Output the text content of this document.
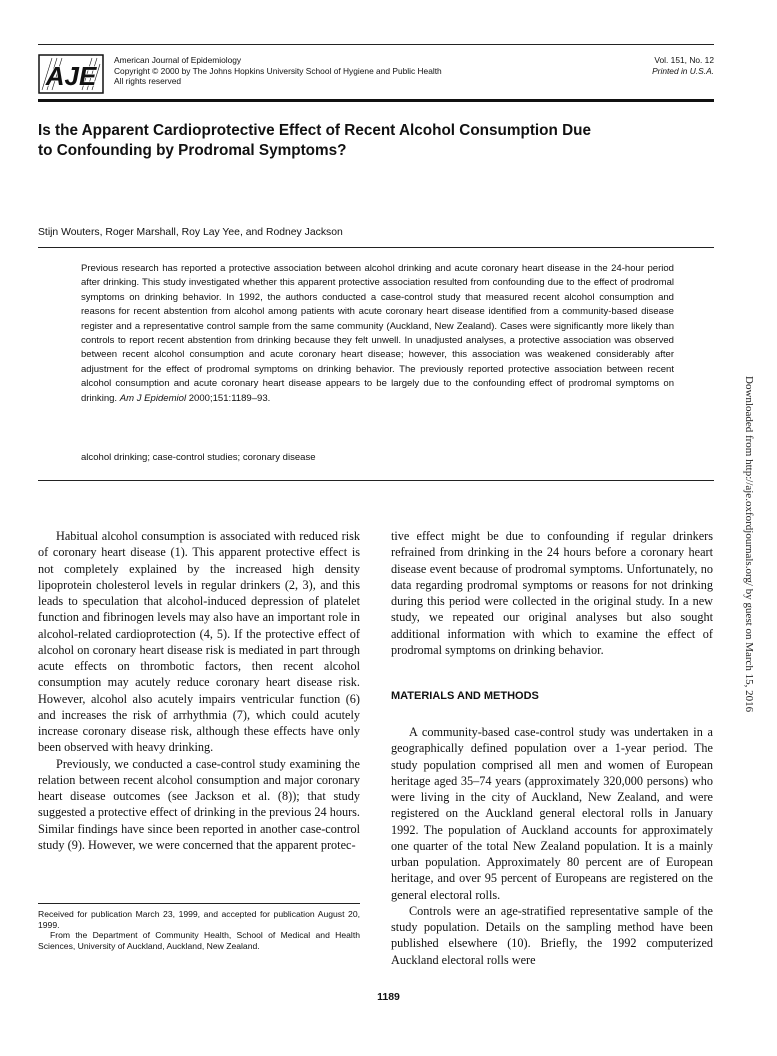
AJE
American Journal of Epidemiology
Copyright © 2000 by The Johns Hopkins University School of Hygiene and Public Health
All rights reserved
Vol. 151, No. 12
Printed in U.S.A.
Is the Apparent Cardioprotective Effect of Recent Alcohol Consumption Due
to Confounding by Prodromal Symptoms?
Stijn Wouters, Roger Marshall, Roy Lay Yee, and Rodney Jackson
Previous research has reported a protective association between alcohol drinking and acute coronary heart disease in the 24-hour period after drinking. This study investigated whether this apparent protective association resulted from confounding due to the effect of prodromal symptoms on drinking behavior. In 1992, the authors conducted a case-control study that measured recent alcohol consumption and reasons for recent abstention from alcohol among patients with acute coronary heart disease identified from a community-based disease register and a representative control sample from the same community (Auckland, New Zealand). Cases were significantly more likely than controls to report recent abstention from drinking because they felt unwell. In unadjusted analyses, a protective association was observed between recent alcohol consumption and acute coronary heart disease; however, this association was weakened considerably after adjustment for the effect of prodromal symptoms on drinking behavior. The previously reported protective association between recent alcohol consumption and acute coronary heart disease appears to be largely due to the confounding effect of prodromal symptoms on drinking. Am J Epidemiol 2000;151:1189–93.
alcohol drinking; case-control studies; coronary disease

Habitual alcohol consumption is associated with reduced risk of coronary heart disease (1). This apparent protective effect is not completely explained by the increased high density lipoprotein cholesterol levels in regular drinkers (2, 3), and this leads to speculation that alcohol-induced depression of platelet function and fibrinogen levels may also have an important role in alcohol-related cardioprotection (4, 5). If the protective effect of alcohol on coronary heart disease risk is mediated in part through acute effects on thrombotic factors, then recent alcohol consumption may acutely reduce coronary heart disease risk. However, alcohol also acutely impairs ventricular function (6) and increases the risk of arrhythmia (7), which could acutely increase coronary disease risk, although these effects have only been observed with heavy drinking.

Previously, we conducted a case-control study examining the relation between recent alcohol consumption and major coronary heart disease outcomes (see Jackson et al. (8)); that study suggested a protective effect of drinking in the previous 24 hours. Similar findings have since been reported in another case-control study (9). However, we were concerned that the apparent protec-

tive effect might be due to confounding if regular drinkers refrained from drinking in the 24 hours before a coronary heart disease event because of prodromal symptoms. Unfortunately, no data regarding prodromal symptoms or reasons for not drinking during this period were collected in the original study. In a new study, we repeated our original analyses but also sought additional information with which to examine the effect of prodromal symptoms on drinking behavior.

MATERIALS AND METHODS

A community-based case-control study was undertaken in a geographically defined population over a 1-year period. The study population comprised all men and women of European heritage aged 35–74 years (approximately 320,000 persons) who were living in the city of Auckland, New Zealand, and were registered on the Auckland general electoral rolls in January 1992. The population of Auckland accounts for approximately one quarter of the total New Zealand population. It is a mainly urban population. Approximately 80 percent are of European heritage, and over 95 percent of Europeans are registered on the general electoral rolls.

Controls were an age-stratified representative sample of the study population. Details on the sampling method have been published elsewhere (10). Briefly, the 1992 computerized Auckland electoral rolls were

Received for publication March 23, 1999, and accepted for publication August 20, 1999.

From the Department of Community Health, School of Medical and Health Sciences, University of Auckland, Auckland, New Zealand.

1189
Downloaded from http://aje.oxfordjournals.org/ by guest on March 15, 2016
